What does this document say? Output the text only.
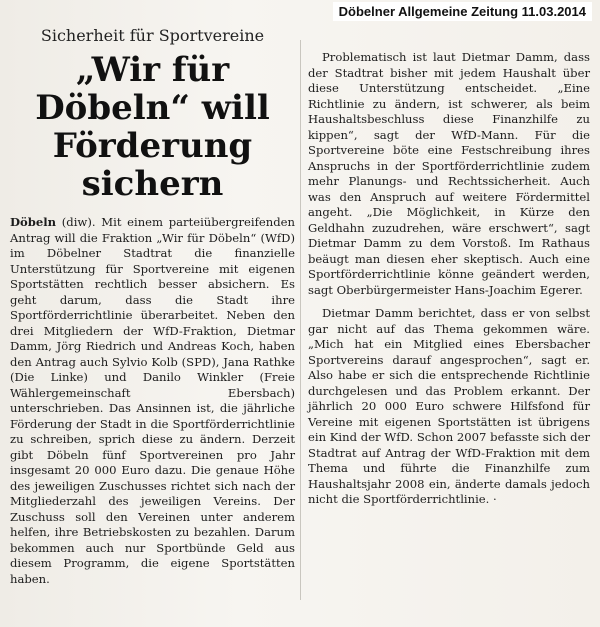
Döbelner Allgemeine Zeitung 11.03.2014
Sicherheit für Sportvereine
„Wir für Döbeln“ will Förderung sichern

Döbeln (diw). Mit einem parteiübergreifenden Antrag will die Fraktion „Wir für Döbeln“ (WfD) im Döbelner Stadtrat die finanzielle Unterstützung für Sportvereine mit eigenen Sportstätten rechtlich besser absichern. Es geht darum, dass die Stadt ihre Sportförderrichtlinie überarbeitet. Neben den drei Mitgliedern der WfD-Fraktion, Dietmar Damm, Jörg Riedrich und Andreas Koch, haben den Antrag auch Sylvio Kolb (SPD), Jana Rathke (Die Linke) und Danilo Winkler (Freie Wählergemeinschaft Ebersbach) unterschrieben. Das Ansinnen ist, die jährliche Förderung der Stadt in die Sportförderrichtlinie zu schreiben, sprich diese zu ändern. Derzeit gibt Döbeln fünf Sportvereinen pro Jahr insgesamt 20 000 Euro dazu. Die genaue Höhe des jeweiligen Zuschusses richtet sich nach der Mitgliederzahl des jeweiligen Vereins. Der Zuschuss soll den Vereinen unter anderem helfen, ihre Betriebskosten zu bezahlen. Darum bekommen auch nur Sportbünde Geld aus diesem Programm, die eigene Sportstätten haben.

Problematisch ist laut Dietmar Damm, dass der Stadtrat bisher mit jedem Haushalt über diese Unterstützung entscheidet. „Eine Richtlinie zu ändern, ist schwerer, als beim Haushaltsbeschluss diese Finanzhilfe zu kippen“, sagt der WfD-Mann. Für die Sportvereine böte eine Festschreibung ihres Anspruchs in der Sportförderrichtlinie zudem mehr Planungs- und Rechtssicherheit. Auch was den Anspruch auf weitere Fördermittel angeht. „Die Möglichkeit, in Kürze den Geldhahn zuzudrehen, wäre erschwert“, sagt Dietmar Damm zu dem Vorstoß. Im Rathaus beäugt man diesen eher skeptisch. Auch eine Sportförderrichtlinie könne geändert werden, sagt Oberbürgermeister Hans-Joachim Egerer.

Dietmar Damm berichtet, dass er von selbst gar nicht auf das Thema gekommen wäre. „Mich hat ein Mitglied eines Ebersbacher Sportvereins darauf angesprochen“, sagt er. Also habe er sich die entsprechende Richtlinie durchgelesen und das Problem erkannt. Der jährlich 20 000 Euro schwere Hilfsfond für Vereine mit eigenen Sportstätten ist übrigens ein Kind der WfD. Schon 2007 befasste sich der Stadtrat auf Antrag der WfD-Fraktion mit dem Thema und führte die Finanzhilfe zum Haushaltsjahr 2008 ein, änderte damals jedoch nicht die Sportförderrichtlinie. ·
